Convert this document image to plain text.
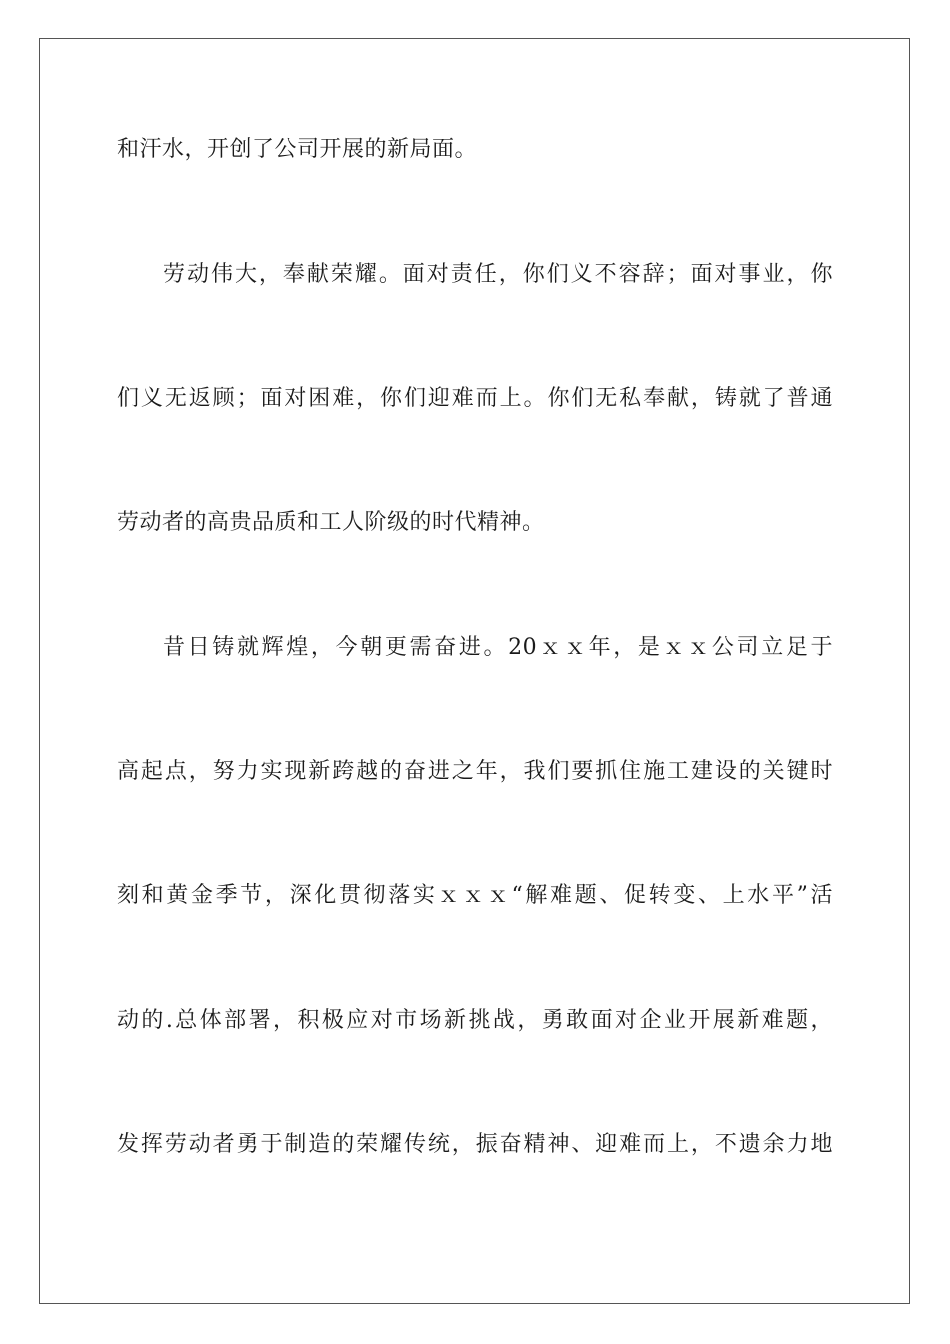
和汗水，开创了公司开展的新局面。
劳动伟大，奉献荣耀。面对责任，你们义不容辞；面对事业，你
们义无返顾；面对困难，你们迎难而上。你们无私奉献，铸就了普通
劳动者的高贵品质和工人阶级的时代精神。
昔日铸就辉煌，今朝更需奋进。20ｘｘ年，是ｘｘ公司立足于
高起点，努力实现新跨越的奋进之年，我们要抓住施工建设的关键时
刻和黄金季节，深化贯彻落实ｘｘｘ“解难题、促转变、上水平”活
动的.总体部署，积极应对市场新挑战，勇敢面对企业开展新难题，
发挥劳动者勇于制造的荣耀传统，振奋精神、迎难而上，不遗余力地
